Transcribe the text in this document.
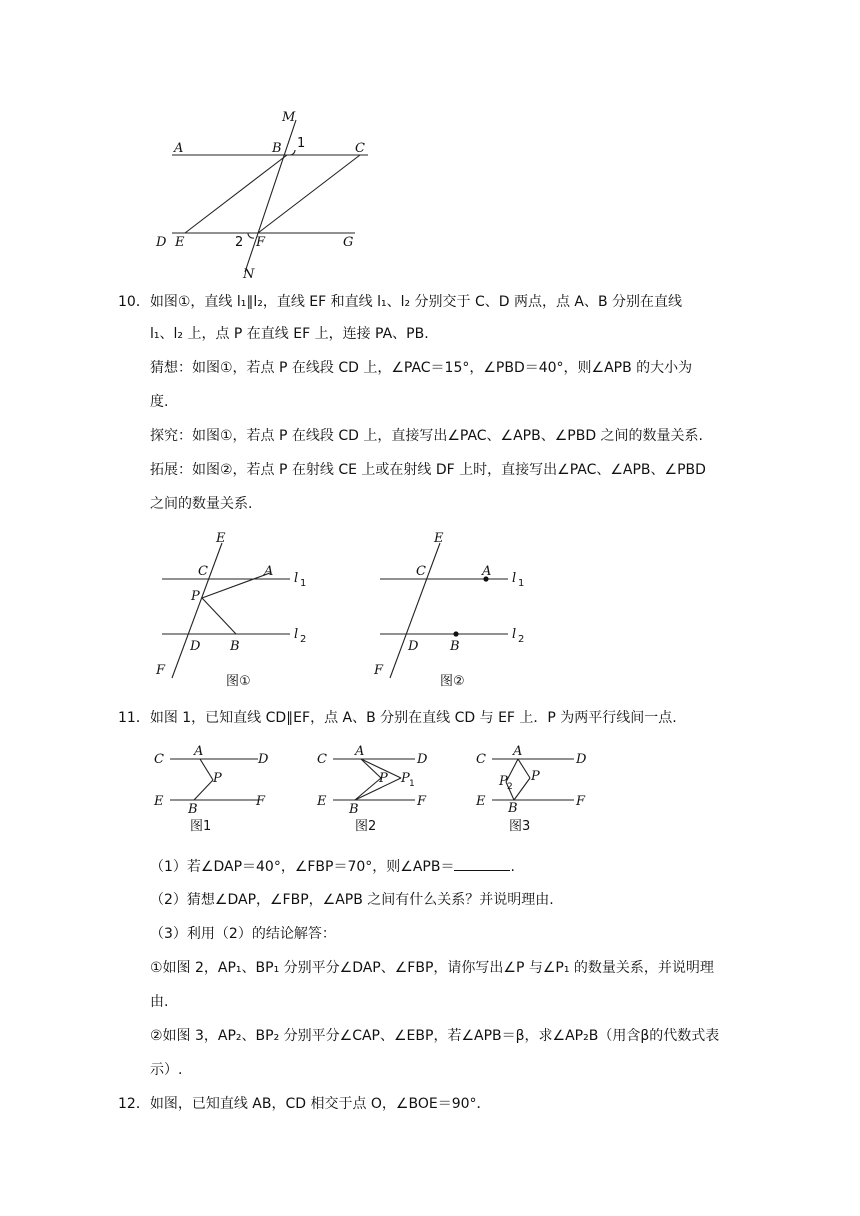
M
A	B 1	C
D E	2 F	G
N
10．如图①，直线 l₁∥l₂，直线 EF 和直线 l₁、l₂ 分别交于 C、D 两点，点 A、B 分别在直线
l₁、l₂ 上，点 P 在直线 EF 上，连接 PA、PB.
猜想：如图①，若点 P 在线段 CD 上，∠PAC＝15°，∠PBD＝40°，则∠APB 的大小为
度.
探究：如图①，若点 P 在线段 CD 上，直接写出∠PAC、∠APB、∠PBD 之间的数量关系.
拓展：如图②，若点 P 在射线 CE 上或在射线 DF 上时，直接写出∠PAC、∠APB、∠PBD
之间的数量关系.
E
C	A l 1
P
l 2
D B
F
图①
E
C	A l 1
l 2
D B
F
图②
11．如图 1，已知直线 CD∥EF，点 A、B 分别在直线 CD 与 EF 上．P 为两平行线间一点.
C
A
D
P
E
B
F
图1
C
A
D
P P 1
E
B
F
图2
C
A
D
P 2
P
E B	F
图3
（1）若∠DAP＝40°，∠FBP＝70°，则∠APB＝	.
（2）猜想∠DAP，∠FBP，∠APB 之间有什么关系？并说明理由.
（3）利用（2）的结论解答：
①如图 2，AP₁、BP₁ 分别平分∠DAP、∠FBP，请你写出∠P 与∠P₁ 的数量关系，并说明理
由.
②如图 3，AP₂、BP₂ 分别平分∠CAP、∠EBP，若∠APB＝β，求∠AP₂B（用含β的代数式表
示）.
12．如图，已知直线 AB，CD 相交于点 O，∠BOE＝90°．
